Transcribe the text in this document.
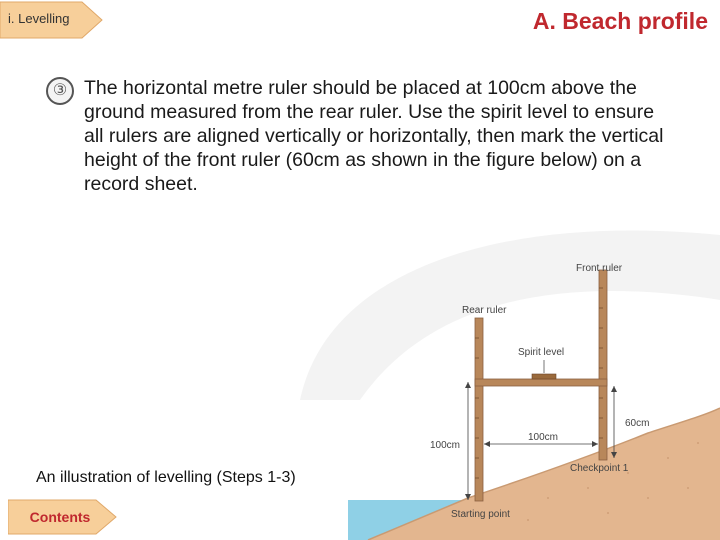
i. Levelling	A. Beach profile
③ The horizontal metre ruler should be placed at 100cm above the ground measured from the rear ruler. Use the spirit level to ensure all rulers are aligned vertically or horizontally, then mark the vertical height of the front ruler (60cm as shown in the figure below) on a record sheet.
Front ruler
Rear ruler
Spirit level
100cm
100cm
60cm
Checkpoint 1
Starting point
An illustration of levelling (Steps 1-3)
Contents
